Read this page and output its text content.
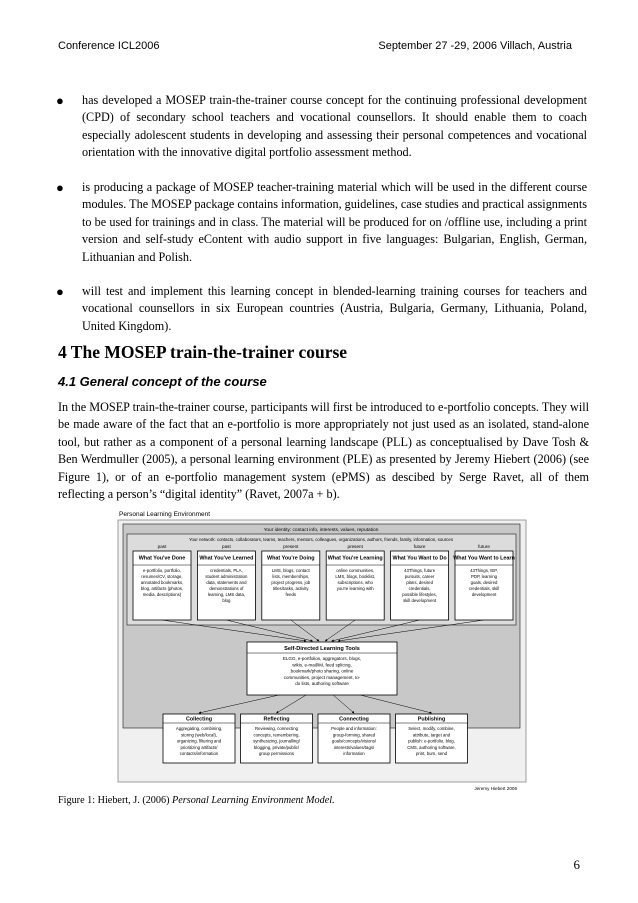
Conference ICL2006	September 27 -29, 2006 Villach, Austria
● has developed a MOSEP train-the-trainer course concept for the continuing professional development (CPD) of secondary school teachers and vocational counsellors. It should enable them to coach especially adolescent students in developing and assessing their personal competences and vocational orientation with the innovative digital portfolio assessment method.
● is producing a package of MOSEP teacher-training material which will be used in the different course modules. The MOSEP package contains information, guidelines, case studies and practical assignments to be used for trainings and in class. The material will be produced for on /offline use, including a print version and self-study eContent with audio support in five languages: Bulgarian, English, German, Lithuanian and Polish.
● will test and implement this learning concept in blended-learning training courses for teachers and vocational counsellors in six European countries (Austria, Bulgaria, Germany, Lithuania, Poland, United Kingdom).
4 The MOSEP train-the-trainer course
4.1 General concept of the course
In the MOSEP train-the-trainer course, participants will first be introduced to e-portfolio concepts. They will be made aware of the fact that an e-portfolio is more appropriately not just used as an isolated, stand-alone tool, but rather as a component of a personal learning landscape (PLL) as conceptualised by Dave Tosh & Ben Werdmuller (2005), a personal learning environment (PLE) as presented by Jeremy Hiebert (2006) (see Figure 1), or of an e-portfolio management system (ePMS) as descibed by Serge Ravet, all of them reflecting a person’s “digital identity” (Ravet, 2007a + b).
Personal Learning Environment
Your identity: contact info, interests, values, reputation
Your network: contacts, collaborators, teams, teachers, mentors, colleagues, organizations, authors, friends, family, information, sources
past
What You've Done
e-portfolio, portfolio,
resumes/CV, storage,
annotated bookmarks,
blog, artifacts (photos,
media, descriptions)
past
What You've Learned
credentials, PLA,
student administration
data, statements and
demonstrations of
learning, LMS data,
blog
present
What You're Doing
LMS, blogs, contact
lists, memberships,
project progress, job
titles/tasks, activity
feeds
present
What You're Learning
online communities,
LMS, blogs, booklist,
subscriptions, who
you're learning with
future
What You Want to Do
43Things, future
pursuits, career
plans, desired
credentials,
possible lifestyles,
skill development
future
What You Want to Learn
43Things, IEP,
PDP, learning
goals, desired
credentials, skill
development
Self-Directed Learning Tools
ELGG, e-portfolios, aggregators, blogs,
wikis, e-mail/IM, feed splicing,
bookmark/photo sharing, online
communities, project management, to-
do lists, authoring software
Collecting
Aggregating, combining,
storing (web/local),
organizing, filtering and
prioritizing artifacts/
contacts/information
Reflecting
Reviewing, connecting
concepts, remembering,
synthesizing, journalling/
blogging, private/public/
group permissions
Connecting
People and information:
group-forming, shared
goals/concepts/visions/
interests/values/tags/
information
Publishing
Select, modify, combine,
attribute, target and
publish: e-portfolio, blog,
CMS, authoring software,
print, burn, send
Jeremy Hiebert 2006
Figure 1: Hiebert, J. (2006) Personal Learning Environment Model.
6
